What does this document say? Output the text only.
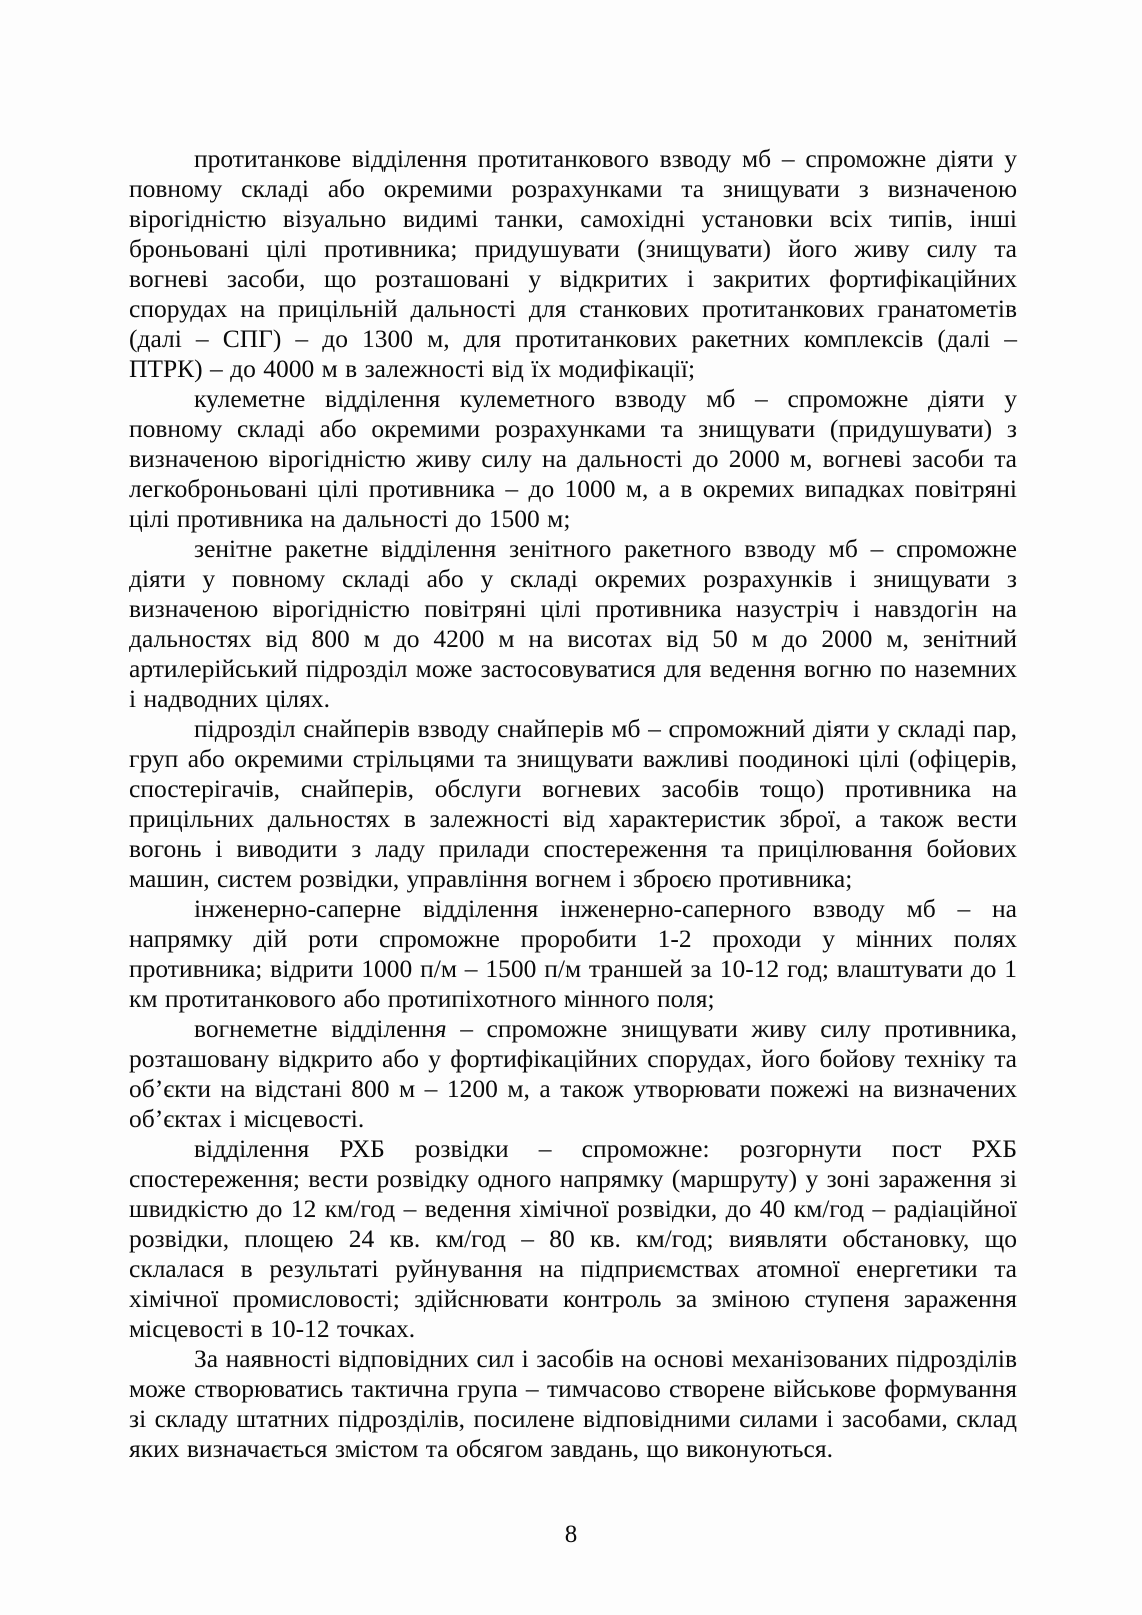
протитанкове відділення протитанкового взводу мб – спроможне діяти у повному складі або окремими розрахунками та знищувати з визначеною вірогідністю візуально видимі танки, самохідні установки всіх типів, інші броньовані цілі противника; придушувати (знищувати) його живу силу та вогневі засоби, що розташовані у відкритих і закритих фортифікаційних спорудах на прицільній дальності для станкових протитанкових гранатометів (далі – СПГ) – до 1300 м, для протитанкових ракетних комплексів (далі – ПТРК) – до 4000 м в залежності від їх модифікації;

кулеметне відділення кулеметного взводу мб – спроможне діяти у повному складі або окремими розрахунками та знищувати (придушувати) з визначеною вірогідністю живу силу на дальності до 2000 м, вогневі засоби та легкоброньовані цілі противника – до 1000 м, а в окремих випадках повітряні цілі противника на дальності до 1500 м;

зенітне ракетне відділення зенітного ракетного взводу мб – спроможне діяти у повному складі або у складі окремих розрахунків і знищувати з визначеною вірогідністю повітряні цілі противника назустріч і навздогін на дальностях від 800 м до 4200 м на висотах від 50 м до 2000 м, зенітний артилерійський підрозділ може застосовуватися для ведення вогню по наземних і надводних цілях.

підрозділ снайперів взводу снайперів мб – спроможний діяти у складі пар, груп або окремими стрільцями та знищувати важливі поодинокі цілі (офіцерів, спостерігачів, снайперів, обслуги вогневих засобів тощо) противника на прицільних дальностях в залежності від характеристик зброї, а також вести вогонь і виводити з ладу прилади спостереження та прицілювання бойових машин, систем розвідки, управління вогнем і зброєю противника;

інженерно-саперне відділення інженерно-саперного взводу мб – на напрямку дій роти спроможне проробити 1-2 проходи у мінних полях противника; відрити 1000 п/м – 1500 п/м траншей за 10-12 год; влаштувати до 1 км протитанкового або протипіхотного мінного поля;

вогнеметне відділення – спроможне знищувати живу силу противника, розташовану відкрито або у фортифікаційних спорудах, його бойову техніку та об’єкти на відстані 800 м – 1200 м, а також утворювати пожежі на визначених об’єктах і місцевості.

відділення РХБ розвідки – спроможне: розгорнути пост РХБ спостереження; вести розвідку одного напрямку (маршруту) у зоні зараження зі швидкістю до 12 км/год – ведення хімічної розвідки, до 40 км/год – радіаційної розвідки, площею 24 кв. км/год – 80 кв. км/год; виявляти обстановку, що склалася в результаті руйнування на підприємствах атомної енергетики та хімічної промисловості; здійснювати контроль за зміною ступеня зараження місцевості в 10-12 точках.

За наявності відповідних сил і засобів на основі механізованих підрозділів може створюватись тактична група – тимчасово створене військове формування зі складу штатних підрозділів, посилене відповідними силами і засобами, склад яких визначається змістом та обсягом завдань, що виконуються.

8
